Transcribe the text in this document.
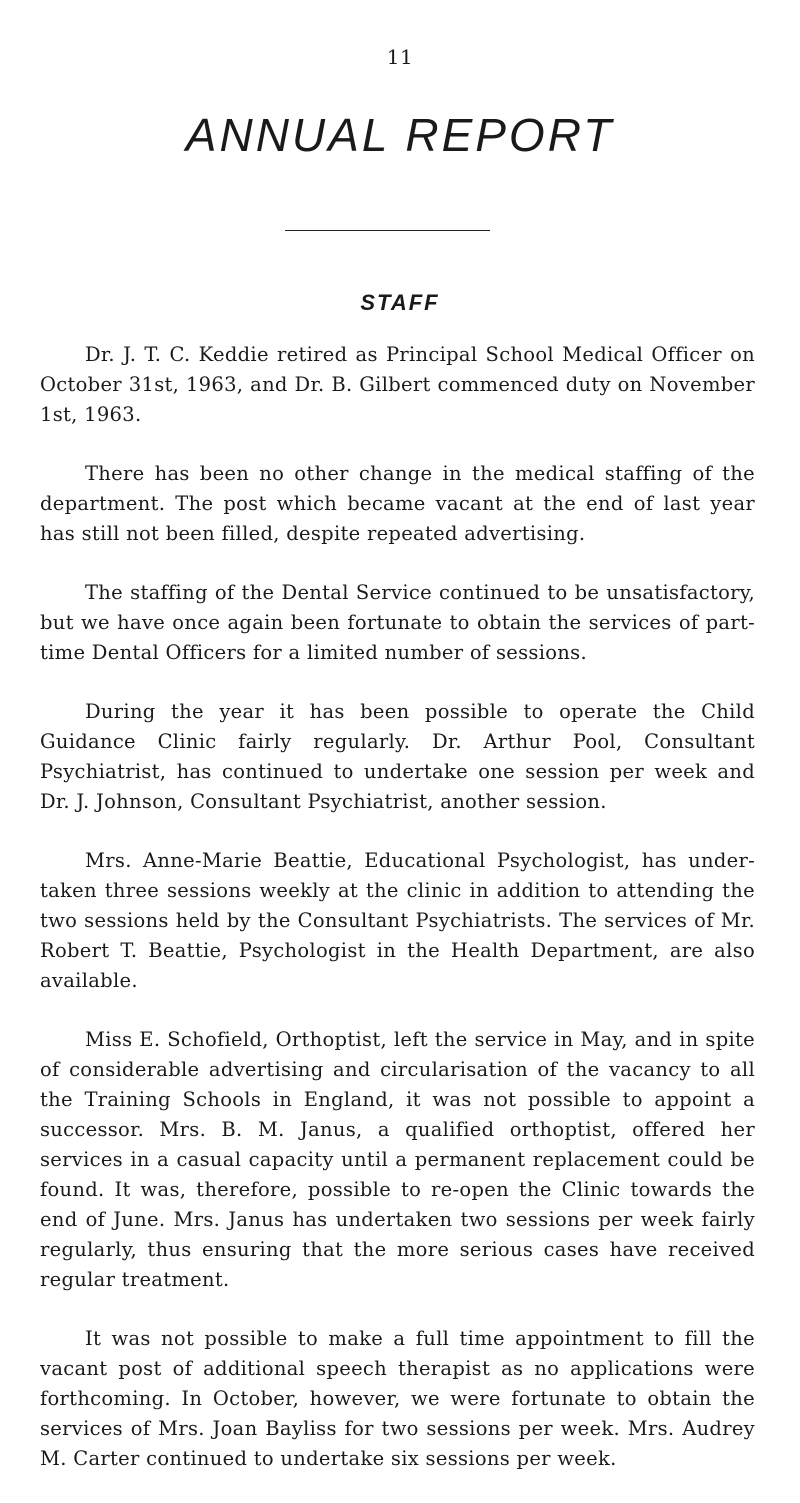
11
ANNUAL REPORT
STAFF

Dr. J. T. C. Keddie retired as Principal School Medical Officer on October 31st, 1963, and Dr. B. Gilbert commenced duty on November 1st, 1963.

There has been no other change in the medical staffing of the department. The post which became vacant at the end of last year has still not been filled, despite repeated advertising.

The staffing of the Dental Service continued to be unsatisfactory, but we have once again been fortunate to obtain the services of part-time Dental Officers for a limited number of sessions.

During the year it has been possible to operate the Child Guidance Clinic fairly regularly. Dr. Arthur Pool, Consultant Psychiatrist, has continued to undertake one session per week and Dr. J. Johnson, Consultant Psychiatrist, another session.

Mrs. Anne-Marie Beattie, Educational Psychologist, has under-taken three sessions weekly at the clinic in addition to attending the two sessions held by the Consultant Psychiatrists. The services of Mr. Robert T. Beattie, Psychologist in the Health Department, are also available.

Miss E. Schofield, Orthoptist, left the service in May, and in spite of considerable advertising and circularisation of the vacancy to all the Training Schools in England, it was not possible to appoint a successor. Mrs. B. M. Janus, a qualified orthoptist, offered her services in a casual capacity until a permanent replacement could be found. It was, therefore, possible to re-open the Clinic towards the end of June. Mrs. Janus has undertaken two sessions per week fairly regularly, thus ensuring that the more serious cases have received regular treatment.

It was not possible to make a full time appointment to fill the vacant post of additional speech therapist as no applications were forthcoming. In October, however, we were fortunate to obtain the services of Mrs. Joan Bayliss for two sessions per week. Mrs. Audrey M. Carter continued to undertake six sessions per week.
